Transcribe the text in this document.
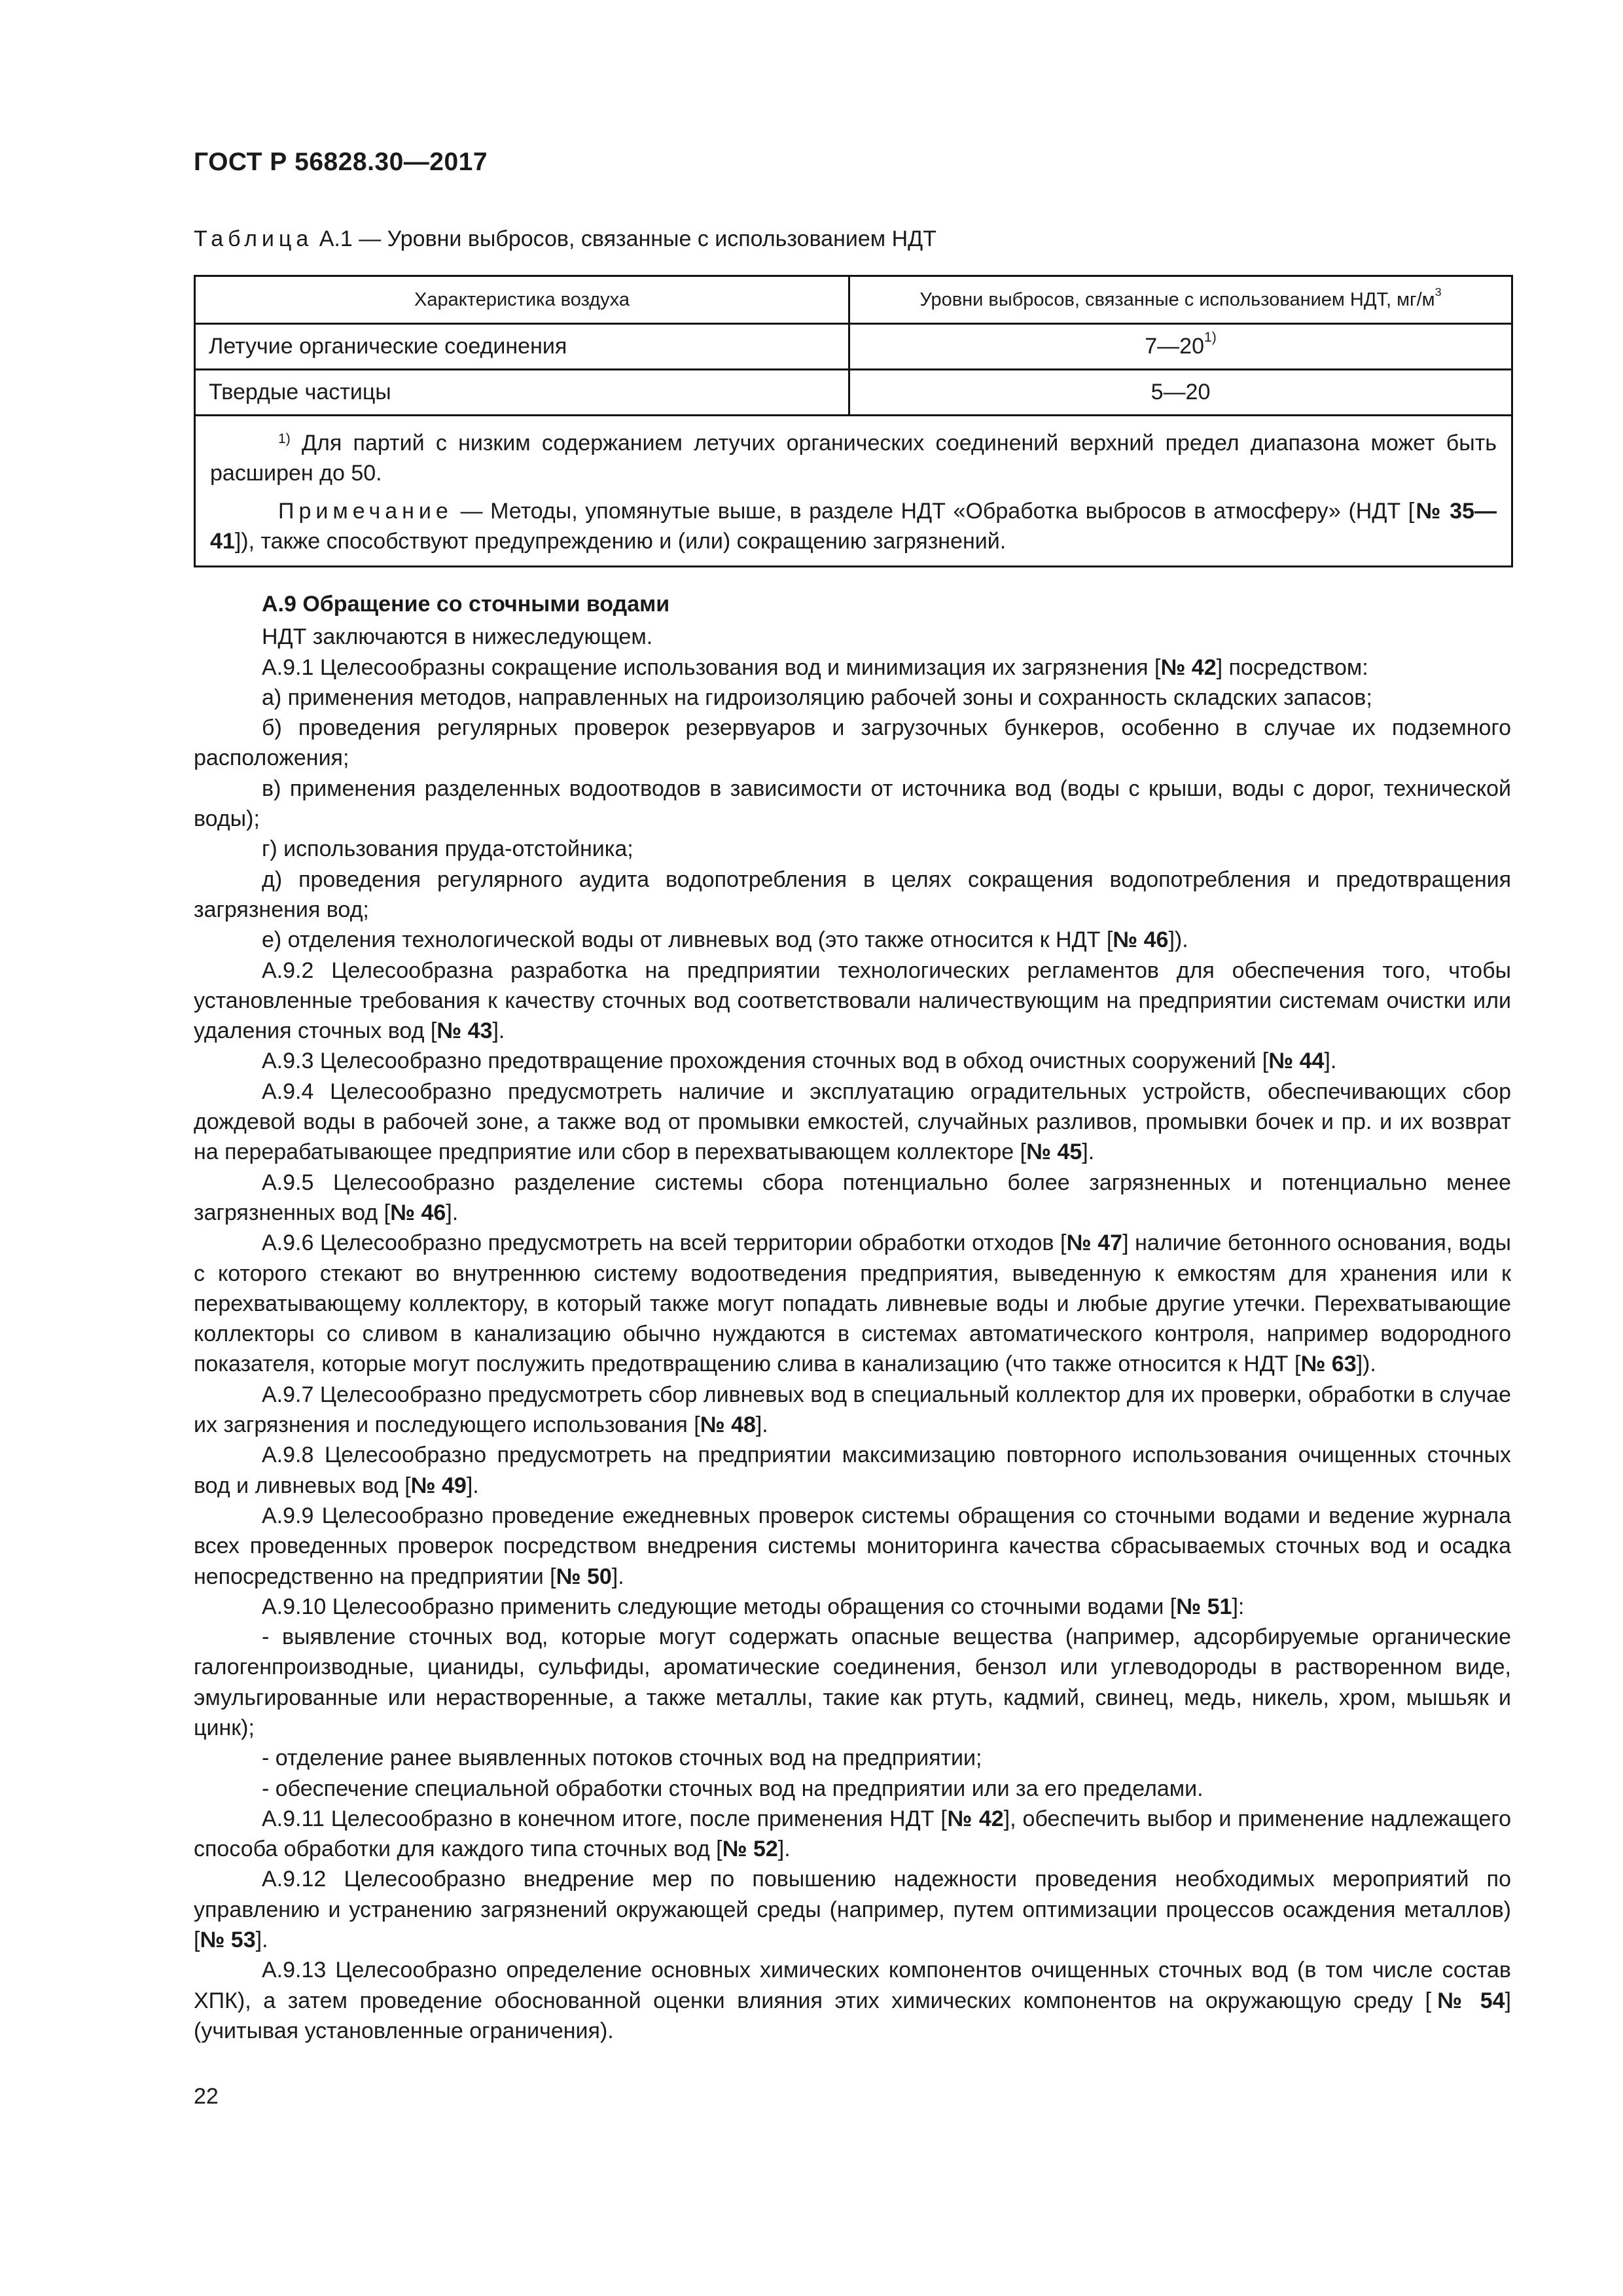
ГОСТ Р 56828.30—2017
Таблица А.1 — Уровни выбросов, связанные с использованием НДТ
Характеристика воздуха	Уровни выбросов, связанные с использованием НДТ, $мг/м^3$
Летучие органические соединения	7—20$^{1)}$
Твердые частицы	5—20

$^{1)}$ Для партий с низким содержанием летучих органических соединений верхний предел диапазона может быть расширен до 50.

Примечание — Методы, упомянутые выше, в разделе НДТ «Обработка выбросов в атмосферу» (НДТ [№ 35—41]), также способствуют предупреждению и (или) сокращению загрязнений.	

А.9 Обращение со сточными водами

НДТ заключаются в нижеследующем.

А.9.1 Целесообразны сокращение использования вод и минимизация их загрязнения [№ 42] посредством:

а) применения методов, направленных на гидроизоляцию рабочей зоны и сохранность складских запасов;

б) проведения регулярных проверок резервуаров и загрузочных бункеров, особенно в случае их подземного расположения;

в) применения разделенных водоотводов в зависимости от источника вод (воды с крыши, воды с дорог, технической воды);

г) использования пруда-отстойника;

д) проведения регулярного аудита водопотребления в целях сокращения водопотребления и предотвращения загрязнения вод;

е) отделения технологической воды от ливневых вод (это также относится к НДТ [№ 46]).

А.9.2 Целесообразна разработка на предприятии технологических регламентов для обеспечения того, чтобы установленные требования к качеству сточных вод соответствовали наличествующим на предприятии системам очистки или удаления сточных вод [№ 43].

А.9.3 Целесообразно предотвращение прохождения сточных вод в обход очистных сооружений [№ 44].

А.9.4 Целесообразно предусмотреть наличие и эксплуатацию оградительных устройств, обеспечивающих сбор дождевой воды в рабочей зоне, а также вод от промывки емкостей, случайных разливов, промывки бочек и пр. и их возврат на перерабатывающее предприятие или сбор в перехватывающем коллекторе [№ 45].

А.9.5 Целесообразно разделение системы сбора потенциально более загрязненных и потенциально менее загрязненных вод [№ 46].

А.9.6 Целесообразно предусмотреть на всей территории обработки отходов [№ 47] наличие бетонного основания, воды с которого стекают во внутреннюю систему водоотведения предприятия, выведенную к емкостям для хранения или к перехватывающему коллектору, в который также могут попадать ливневые воды и любые другие утечки. Перехватывающие коллекторы со сливом в канализацию обычно нуждаются в системах автоматического контроля, например водородного показателя, которые могут послужить предотвращению слива в канализацию (что также относится к НДТ [№ 63]).

А.9.7 Целесообразно предусмотреть сбор ливневых вод в специальный коллектор для их проверки, обработки в случае их загрязнения и последующего использования [№ 48].

А.9.8 Целесообразно предусмотреть на предприятии максимизацию повторного использования очищенных сточных вод и ливневых вод [№ 49].

А.9.9 Целесообразно проведение ежедневных проверок системы обращения со сточными водами и ведение журнала всех проведенных проверок посредством внедрения системы мониторинга качества сбрасываемых сточных вод и осадка непосредственно на предприятии [№ 50].

А.9.10 Целесообразно применить следующие методы обращения со сточными водами [№ 51]:

- выявление сточных вод, которые могут содержать опасные вещества (например, адсорбируемые органические галогенпроизводные, цианиды, сульфиды, ароматические соединения, бензол или углеводороды в растворенном виде, эмульгированные или нерастворенные, а также металлы, такие как ртуть, кадмий, свинец, медь, никель, хром, мышьяк и цинк);

- отделение ранее выявленных потоков сточных вод на предприятии;

- обеспечение специальной обработки сточных вод на предприятии или за его пределами.

А.9.11 Целесообразно в конечном итоге, после применения НДТ [№ 42], обеспечить выбор и применение надлежащего способа обработки для каждого типа сточных вод [№ 52].

А.9.12 Целесообразно внедрение мер по повышению надежности проведения необходимых мероприятий по управлению и устранению загрязнений окружающей среды (например, путем оптимизации процессов осаждения металлов) [№ 53].

А.9.13 Целесообразно определение основных химических компонентов очищенных сточных вод (в том числе состав ХПК), а затем проведение обоснованной оценки влияния этих химических компонентов на окружающую среду [№ 54] (учитывая установленные ограничения).

22
